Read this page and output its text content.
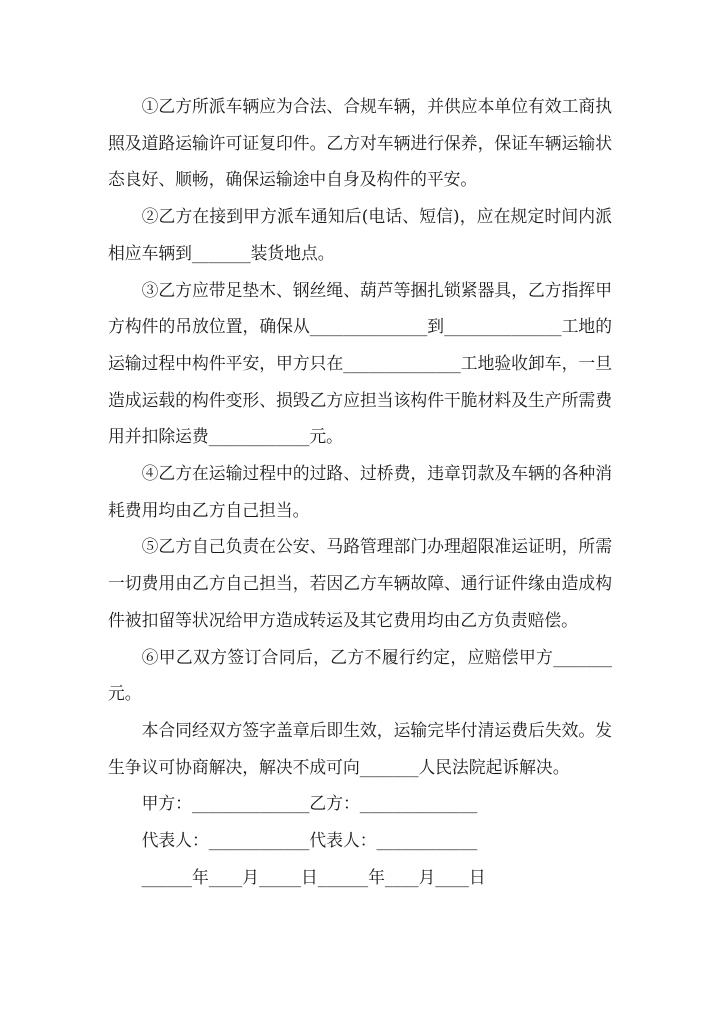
①乙方所派车辆应为合法、合规车辆，并供应本单位有效工商执照及道路运输许可证复印件。乙方对车辆进行保养，保证车辆运输状态良好、顺畅，确保运输途中自身及构件的平安。

②乙方在接到甲方派车通知后(电话、短信)，应在规定时间内派相应车辆到_______装货地点。

③乙方应带足垫木、钢丝绳、葫芦等捆扎锁紧器具，乙方指挥甲方构件的吊放位置，确保从______________到______________工地的运输过程中构件平安，甲方只在______________工地验收卸车，一旦造成运载的构件变形、损毁乙方应担当该构件干脆材料及生产所需费用并扣除运费____________元。

④乙方在运输过程中的过路、过桥费，违章罚款及车辆的各种消耗费用均由乙方自己担当。

⑤乙方自己负责在公安、马路管理部门办理超限准运证明，所需一切费用由乙方自己担当，若因乙方车辆故障、通行证件缘由造成构件被扣留等状况给甲方造成转运及其它费用均由乙方负责赔偿。

⑥甲乙双方签订合同后，乙方不履行约定，应赔偿甲方_______元。

本合同经双方签字盖章后即生效，运输完毕付清运费后失效。发生争议可协商解决，解决不成可向_______人民法院起诉解决。

甲方：______________乙方：______________

代表人：____________代表人：____________

______年____月_____日______年____月____日
